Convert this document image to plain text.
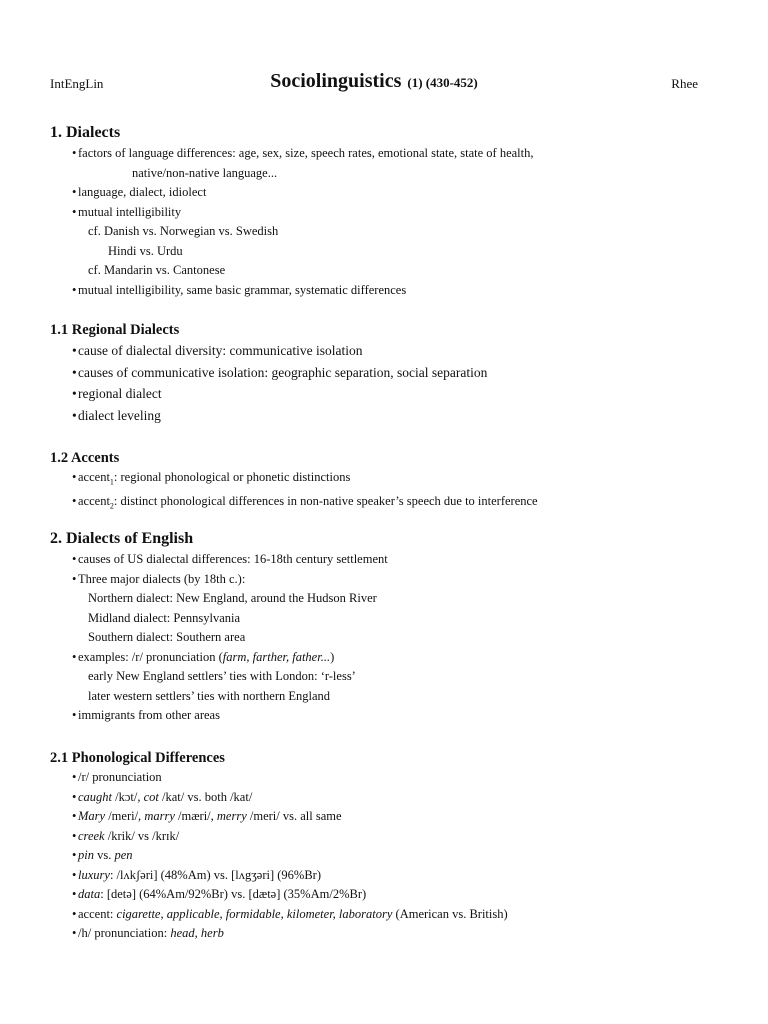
IntEngLin	Sociolinguistics (1) (430-452)	Rhee
1. Dialects
• factors of language differences: age, sex, size, speech rates, emotional state, state of health,
native/non-native language...
• language, dialect, idiolect
• mutual intelligibility
cf. Danish vs. Norwegian vs. Swedish
Hindi vs. Urdu
cf. Mandarin vs. Cantonese
• mutual intelligibility, same basic grammar, systematic differences
1.1 Regional Dialects
• cause of dialectal diversity: communicative isolation
• causes of communicative isolation: geographic separation, social separation
• regional dialect
• dialect leveling
1.2 Accents
• accent$_1$: regional phonological or phonetic distinctions
• accent$_2$: distinct phonological differences in non-native speaker’s speech due to interference
2. Dialects of English
• causes of US dialectal differences: 16-18th century settlement
• Three major dialects (by 18th c.):
Northern dialect: New England, around the Hudson River
Midland dialect: Pennsylvania
Southern dialect: Southern area
• examples: /r/ pronunciation (farm, farther, father...)
early New England settlers’ ties with London: ‘r-less’
later western settlers’ ties with northern England
• immigrants from other areas
2.1 Phonological Differences
• /r/ pronunciation
• caught /kɔt/, cot /kat/ vs. both /kat/
• Mary /meri/, marry /mæri/, merry /meri/ vs. all same
• creek /krik/ vs /krɪk/
• pin vs. pen
• luxury: /lʌkʃəri] (48%Am) vs. [lʌgʒəri] (96%Br)
• data: [detə] (64%Am/92%Br) vs. [dætə] (35%Am/2%Br)
• accent: cigarette, applicable, formidable, kilometer, laboratory (American vs. British)
• /h/ pronunciation: head, herb
